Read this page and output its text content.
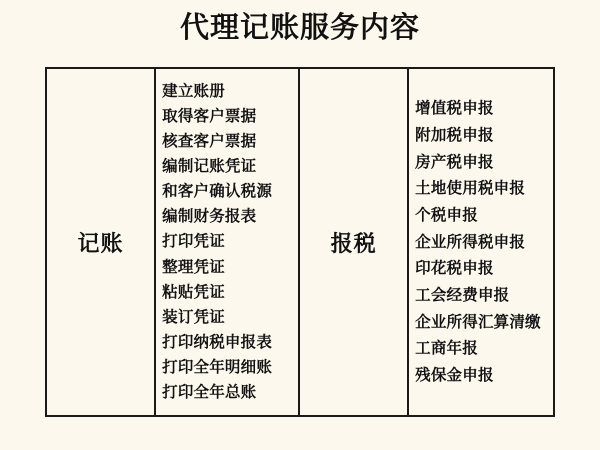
代理记账服务内容
记账
建立账册
取得客户票据
核查客户票据
编制记账凭证
和客户确认税源
编制财务报表
打印凭证
整理凭证
粘贴凭证
装订凭证
打印纳税申报表
打印全年明细账
打印全年总账
报税
增值税申报
附加税申报
房产税申报
土地使用税申报
个税申报
企业所得税申报
印花税申报
工会经费申报
企业所得汇算清缴
工商年报
残保金申报
